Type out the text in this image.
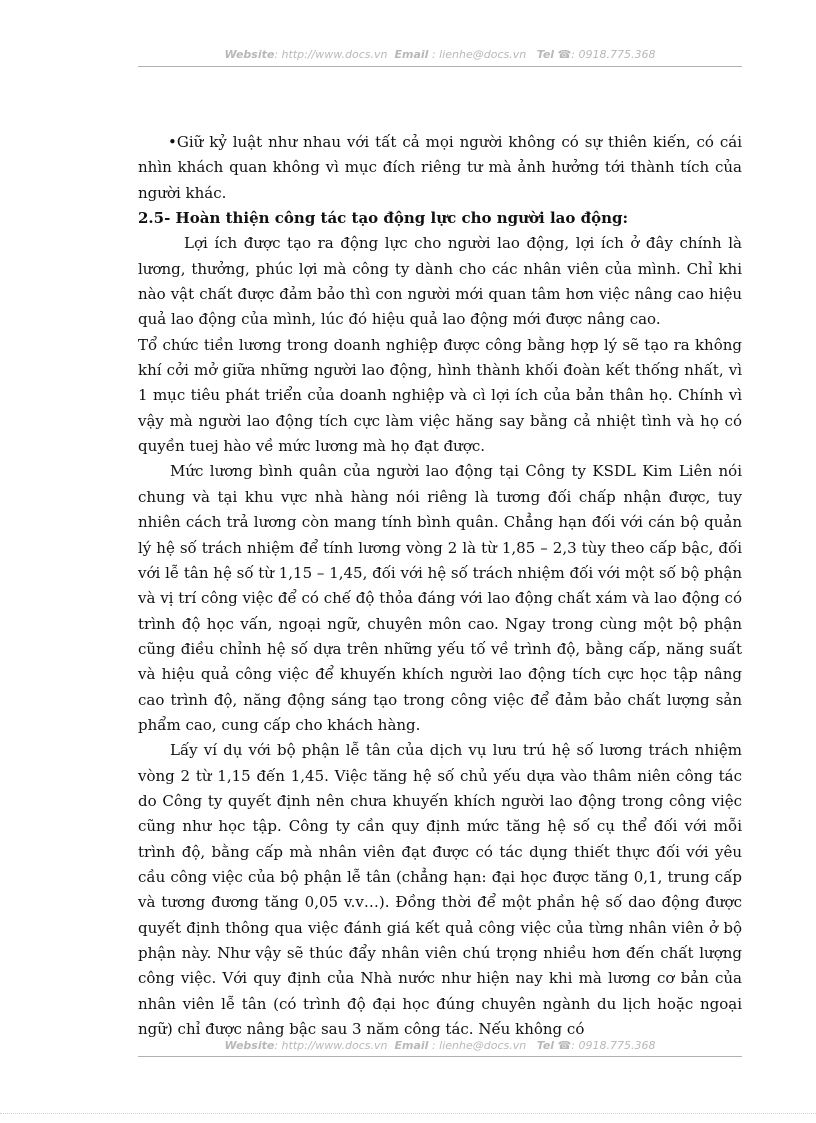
Website: http://www.docs.vn Email : lienhe@docs.vn Tel ☎: 0918.775.368

•Giữ kỷ luật như nhau với tất cả mọi người không có sự thiên kiến, có cái nhìn khách quan không vì mục đích riêng tư mà ảnh hưởng tới thành tích của người khác.

2.5- Hoàn thiện công tác tạo động lực cho người lao động:

Lợi ích được tạo ra động lực cho người lao động, lợi ích ở đây chính là lương, thưởng, phúc lợi mà công ty dành cho các nhân viên của mình. Chỉ khi nào vật chất được đảm bảo thì con người mới quan tâm hơn việc nâng cao hiệu quả lao động của mình, lúc đó hiệu quả lao động mới được nâng cao.

Tổ chức tiền lương trong doanh nghiệp được công bằng hợp lý sẽ tạo ra không khí cởi mở giữa những người lao động, hình thành khối đoàn kết thống nhất, vì 1 mục tiêu phát triển của doanh nghiệp và cì lợi ích của bản thân họ. Chính vì vậy mà người lao động tích cực làm việc hăng say bằng cả nhiệt tình và họ có quyền tuej hào về mức lương mà họ đạt được.

Mức lương bình quân của người lao động tại Công ty KSDL Kim Liên nói chung và tại khu vực nhà hàng nói riêng là tương đối chấp nhận được, tuy nhiên cách trả lương còn mang tính bình quân. Chẳng hạn đối với cán bộ quản lý hệ số trách nhiệm để tính lương vòng 2 là từ 1,85 – 2,3 tùy theo cấp bậc, đối với lễ tân hệ số từ 1,15 – 1,45, đối với hệ số trách nhiệm đối với một số bộ phận và vị trí công việc để có chế độ thỏa đáng với lao động chất xám và lao động có trình độ học vấn, ngoại ngữ, chuyên môn cao. Ngay trong cùng một bộ phận cũng điều chỉnh hệ số dựa trên những yếu tố về trình độ, bằng cấp, năng suất và hiệu quả công việc để khuyến khích người lao động tích cực học tập nâng cao trình độ, năng động sáng tạo trong công việc để đảm bảo chất lượng sản phẩm cao, cung cấp cho khách hàng.

Lấy ví dụ với bộ phận lễ tân của dịch vụ lưu trú hệ số lương trách nhiệm vòng 2 từ 1,15 đến 1,45. Việc tăng hệ số chủ yếu dựa vào thâm niên công tác do Công ty quyết định nên chưa khuyến khích người lao động trong công việc cũng như học tập. Công ty cần quy định mức tăng hệ số cụ thể đối với mỗi trình độ, bằng cấp mà nhân viên đạt được có tác dụng thiết thực đối với yêu cầu công việc của bộ phận lễ tân (chẳng hạn: đại học được tăng 0,1, trung cấp và tương đương tăng 0,05 v.v…). Đồng thời để một phần hệ số dao động được quyết định thông qua việc đánh giá kết quả công việc của từng nhân viên ở bộ phận này. Như vậy sẽ thúc đẩy nhân viên chú trọng nhiều hơn đến chất lượng công việc. Với quy định của Nhà nước như hiện nay khi mà lương cơ bản của nhân viên lễ tân (có trình độ đại học đúng chuyên ngành du lịch hoặc ngoại ngữ) chỉ được nâng bậc sau 3 năm công tác. Nếu không có

Website: http://www.docs.vn Email : lienhe@docs.vn Tel ☎: 0918.775.368
